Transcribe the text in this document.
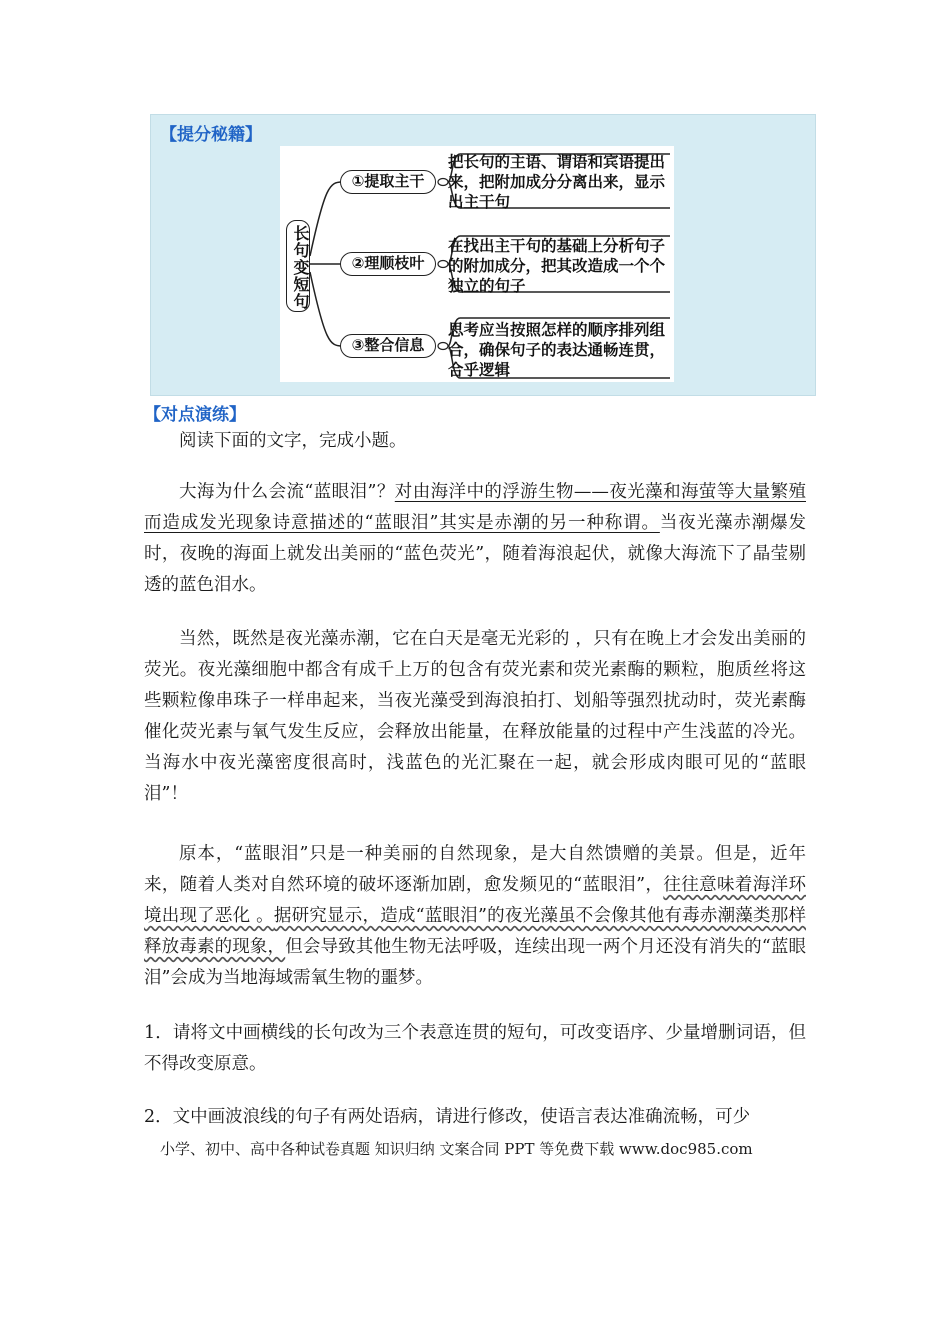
【提分秘籍】
长句变短句
①提取主干
②理顺枝叶
③整合信息
把长句的主语、谓语和宾语提出来，把附加成分分离出来，显示出主干句
在找出主干句的基础上分析句子的附加成分，把其改造成一个个独立的句子
思考应当按照怎样的顺序排列组合，确保句子的表达通畅连贯，合乎逻辑
【对点演练】

阅读下面的文字，完成小题。

大海为什么会流“蓝眼泪”？对由海洋中的浮游生物——夜光藻和海萤等大量繁殖而造成发光现象诗意描述的“蓝眼泪”其实是赤潮的另一种称谓。当夜光藻赤潮爆发时，夜晚的海面上就发出美丽的“蓝色荧光”，随着海浪起伏，就像大海流下了晶莹剔透的蓝色泪水。

当然，既然是夜光藻赤潮，它在白天是毫无光彩的 ，只有在晚上才会发出美丽的荧光。夜光藻细胞中都含有成千上万的包含有荧光素和荧光素酶的颗粒，胞质丝将这些颗粒像串珠子一样串起来，当夜光藻受到海浪拍打、划船等强烈扰动时，荧光素酶催化荧光素与氧气发生反应，会释放出能量，在释放能量的过程中产生浅蓝的冷光。当海水中夜光藻密度很高时，浅蓝色的光汇聚在一起，就会形成肉眼可见的“蓝眼泪”！

原本，“蓝眼泪”只是一种美丽的自然现象，是大自然馈赠的美景。但是，近年来，随着人类对自然环境的破坏逐渐加剧，愈发频见的“蓝眼泪”，往往意味着海洋环境出现了恶化 。据研究显示，造成“蓝眼泪”的夜光藻虽不会像其他有毒赤潮藻类那样释放毒素的现象，但会导致其他生物无法呼吸，连续出现一两个月还没有消失的“蓝眼泪”会成为当地海域需氧生物的噩梦。

1．请将文中画横线的长句改为三个表意连贯的短句，可改变语序、少量增删词语，但不得改变原意。

2．文中画波浪线的句子有两处语病，请进行修改，使语言表达准确流畅，可少

小学、初中、高中各种试卷真题 知识归纳 文案合同 PPT 等免费下载 www.doc985.com
